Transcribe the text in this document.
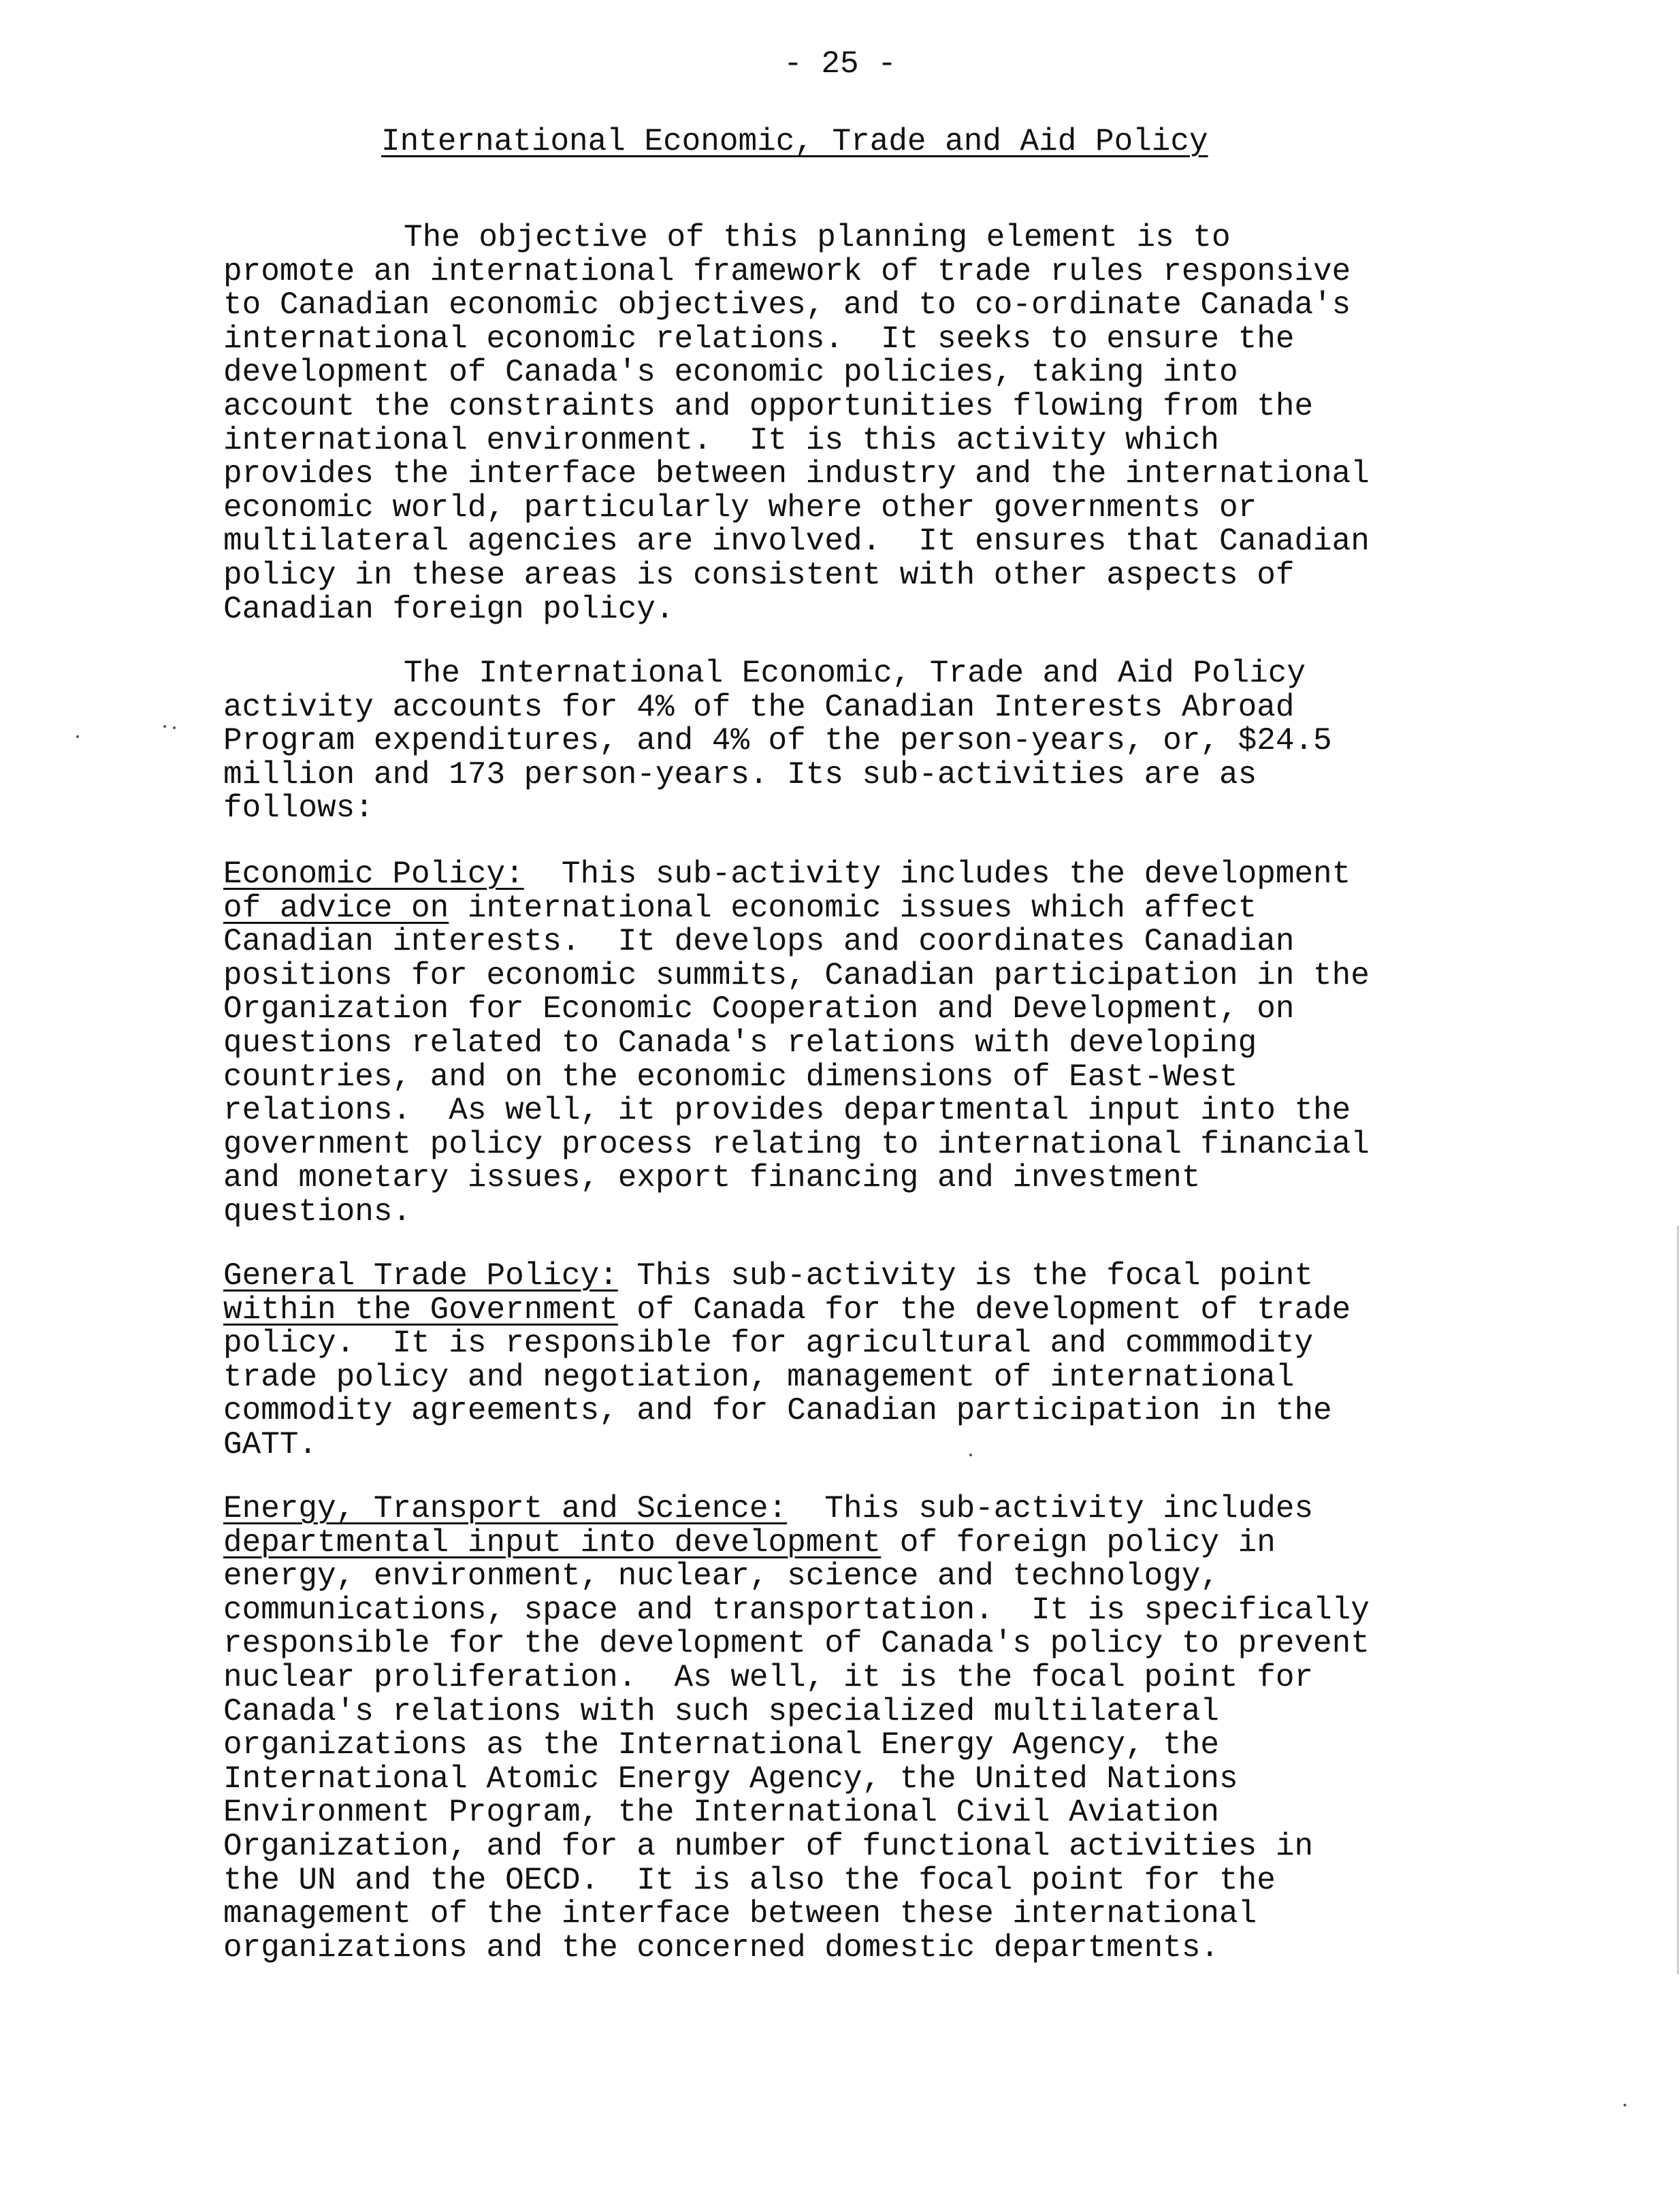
- 25 -
International Economic, Trade and Aid Policy
The objective of this planning element is to
promote an international framework of trade rules responsive
to Canadian economic objectives, and to co-ordinate Canada's
international economic relations.  It seeks to ensure the
development of Canada's economic policies, taking into
account the constraints and opportunities flowing from the
international environment.  It is this activity which
provides the interface between industry and the international
economic world, particularly where other governments or
multilateral agencies are involved.  It ensures that Canadian
policy in these areas is consistent with other aspects of
Canadian foreign policy.
The International Economic, Trade and Aid Policy
activity accounts for 4% of the Canadian Interests Abroad
Program expenditures, and 4% of the person-years, or, $24.5
million and 173 person-years. Its sub-activities are as
follows:
Economic Policy:  This sub-activity includes the development
of advice on international economic issues which affect
Canadian interests.  It develops and coordinates Canadian
positions for economic summits, Canadian participation in the
Organization for Economic Cooperation and Development, on
questions related to Canada's relations with developing
countries, and on the economic dimensions of East-West
relations.  As well, it provides departmental input into the
government policy process relating to international financial
and monetary issues, export financing and investment
questions.
General Trade Policy: This sub-activity is the focal point
within the Government of Canada for the development of trade
policy.  It is responsible for agricultural and commmodity
trade policy and negotiation, management of international
commodity agreements, and for Canadian participation in the
GATT.
Energy, Transport and Science:  This sub-activity includes
departmental input into development of foreign policy in
energy, environment, nuclear, science and technology,
communications, space and transportation.  It is specifically
responsible for the development of Canada's policy to prevent
nuclear proliferation.  As well, it is the focal point for
Canada's relations with such specialized multilateral
organizations as the International Energy Agency, the
International Atomic Energy Agency, the United Nations
Environment Program, the International Civil Aviation
Organization, and for a number of functional activities in
the UN and the OECD.  It is also the focal point for the
management of the interface between these international
organizations and the concerned domestic departments.
